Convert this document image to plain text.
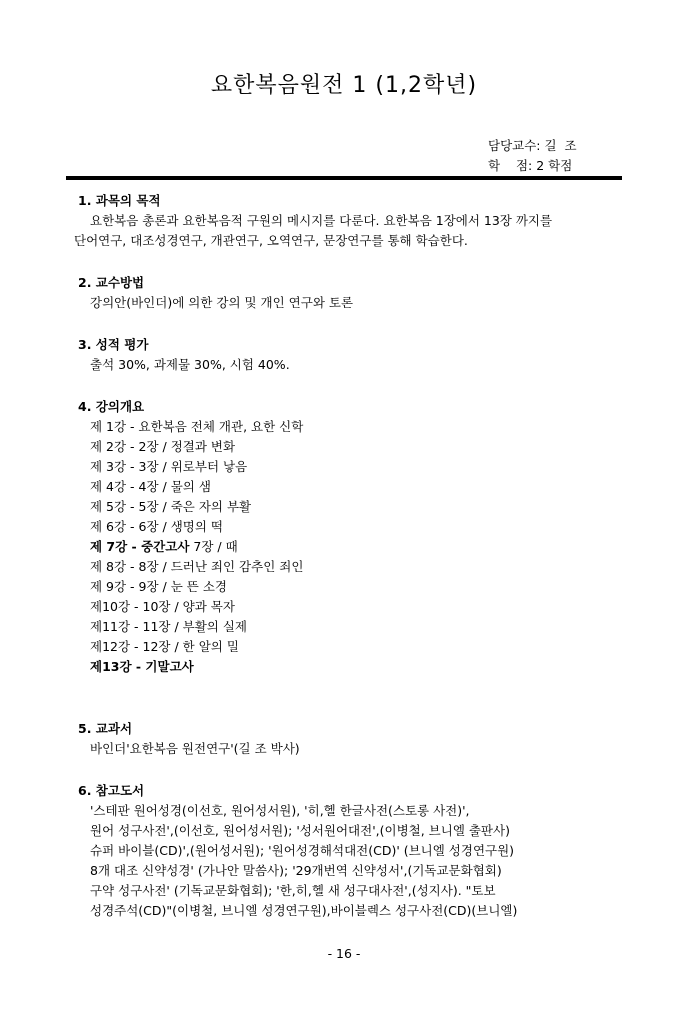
요한복음원전 1 (1,2학년)
담당교수: 길  조
학    점: 2 학점
1. 과목의 목적
요한복음 총론과 요한복음적 구원의 메시지를 다룬다. 요한복음 1장에서 13장 까지를
단어연구, 대조성경연구, 개관연구, 오역연구, 문장연구를 통해 학습한다.
2. 교수방법
강의안(바인더)에 의한 강의 및 개인 연구와 토론
3. 성적 평가
출석 30%, 과제물 30%, 시험 40%.
4. 강의개요
제 1강 - 요한복음 전체 개관, 요한 신학
제 2강 - 2장 / 정결과 변화
제 3강 - 3장 / 위로부터 낳음
제 4강 - 4장 / 물의 샘
제 5강 - 5장 / 죽은 자의 부활
제 6강 - 6장 / 생명의 떡
제 7강 - 중간고사 7장 / 때
제 8강 - 8장 / 드러난 죄인 감추인 죄인
제 9강 - 9장 / 눈 뜬 소경
제10강 - 10장 / 양과 목자
제11강 - 11장 / 부활의 실제
제12강 - 12장 / 한 알의 밀
제13강 - 기말고사
5. 교과서
바인더'요한복음 원전연구'(길 조 박사)
6. 참고도서
'스테판 원어성경(이선호, 원어성서원), '히,헬 한글사전(스토롱 사전)',
원어 성구사전',(이선호, 원어성서원); '성서원어대전',(이병철, 브니엘 출판사)
슈퍼 바이블(CD)',(원어성서원); '원어성경해석대전(CD)' (브니엘 성경연구원)
8개 대조 신약성경' (가나안 말씀사); '29개번역 신약성서',(기독교문화협회)
구약 성구사전' (기독교문화협회); '한,히,헬 새 성구대사전',(성지사). "토보
성경주석(CD)"(이병철, 브니엘 성경연구원),바이블렉스 성구사전(CD)(브니엘)
- 16 -
